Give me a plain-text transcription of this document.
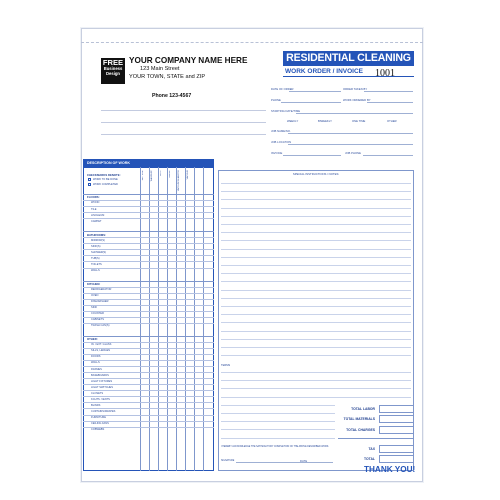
FREE
Business
Design
YOUR COMPANY NAME HERE
123 Main Street
YOUR TOWN, STATE and ZIP
Phone 123-4567
RESIDENTIAL CLEANING
WORK ORDER / INVOICE 1001
DATE OF ORDER	ORDER TAKEN BY
PHONE	WORK ORDERED BY
STARTING DATE/TIME
WEEKLY	BIWEEKLY	ONE TIME	OTHER
JOB NAME/NO.
JOB LOCATION
INVOICE	JOB PHONE
DESCRIPTION OF WORK
WET MOP	WAX/BUFF	DUST	SWEEP	VACUUM/SHAMPOO	VACUUM
FLOORS:
WOOD
TILE
LINOLEUM
CARPET
BATHROOMS:
MIRROR(S)
SINK(S)
SHOWER(S)
TUB(S)
TOILETS
WALLS
KITCHEN:
REFRIGERATOR
OVEN
DISHWASHER
SINK
COUNTER
CABINETS
TRASH CAN(S)
OTHER:
IN. / EXT. GLASS
SILLS, LEDGES
DOORS
WALLS
FRAMES
BASEBOARDS
LIGHT FIXTURES
LIGHT SWITCHES
CLOSETS
KCHTS. VENTS
BLINDS
CURTAINS/DRAPES
FURNITURE
CEILING FANS
COBWEBS
CHECKMARKS DENOTE:
WORK TO BE DONE
WORK COMPLETED
SPECIAL INSTRUCTIONS / NOTES:
TERMS
TOTAL LABOR
TOTAL MATERIALS
TOTAL CHARGES
TAX
TOTAL
I HEREBY ACKNOWLEDGE THE SATISFACTORY COMPLETION OF THE ABOVE DESCRIBED WORK.
SIGNATURE	DATE
THANK YOU!
